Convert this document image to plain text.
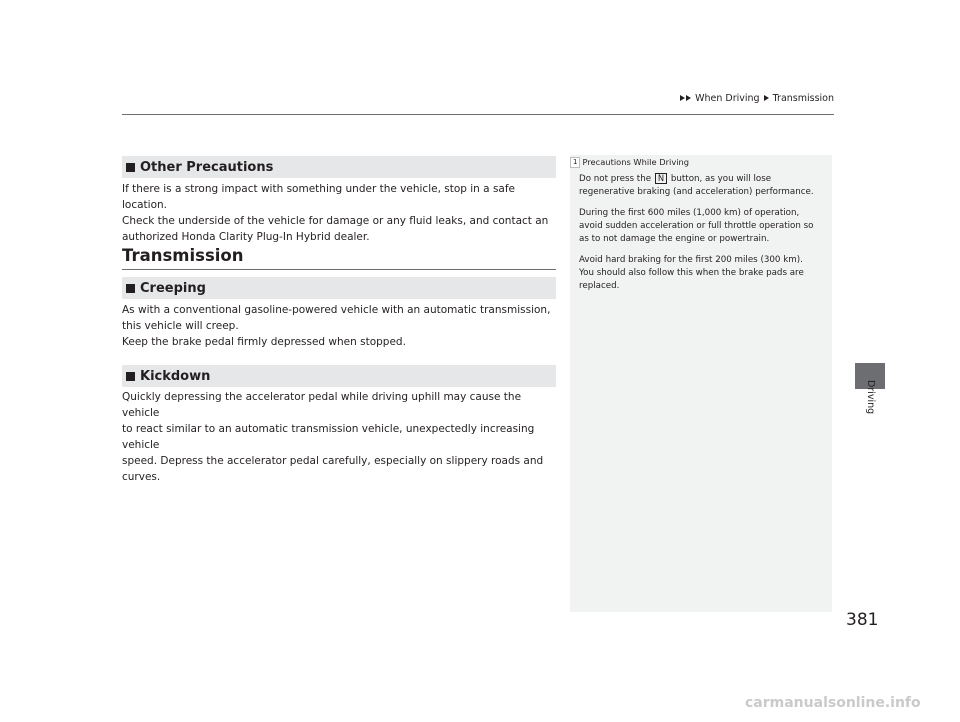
When Driving Transmission
Driving
Other Precautions

If there is a strong impact with something under the vehicle, stop in a safe location.

Check the underside of the vehicle for damage or any fluid leaks, and contact an

authorized Honda Clarity Plug-In Hybrid dealer.

Transmission
Creeping

As with a conventional gasoline-powered vehicle with an automatic transmission,

this vehicle will creep.

Keep the brake pedal firmly depressed when stopped.

Kickdown

Quickly depressing the accelerator pedal while driving uphill may cause the vehicle

to react similar to an automatic transmission vehicle, unexpectedly increasing vehicle

speed. Depress the accelerator pedal carefully, especially on slippery roads and

curves.

1 Precautions While Driving

Do not press the N button, as you will lose
regenerative braking (and acceleration) performance.

During the first 600 miles (1,000 km) of operation,
avoid sudden acceleration or full throttle operation so
as to not damage the engine or powertrain.

Avoid hard braking for the first 200 miles (300 km).
You should also follow this when the brake pads are
replaced.

381
carmanualsonline.info
